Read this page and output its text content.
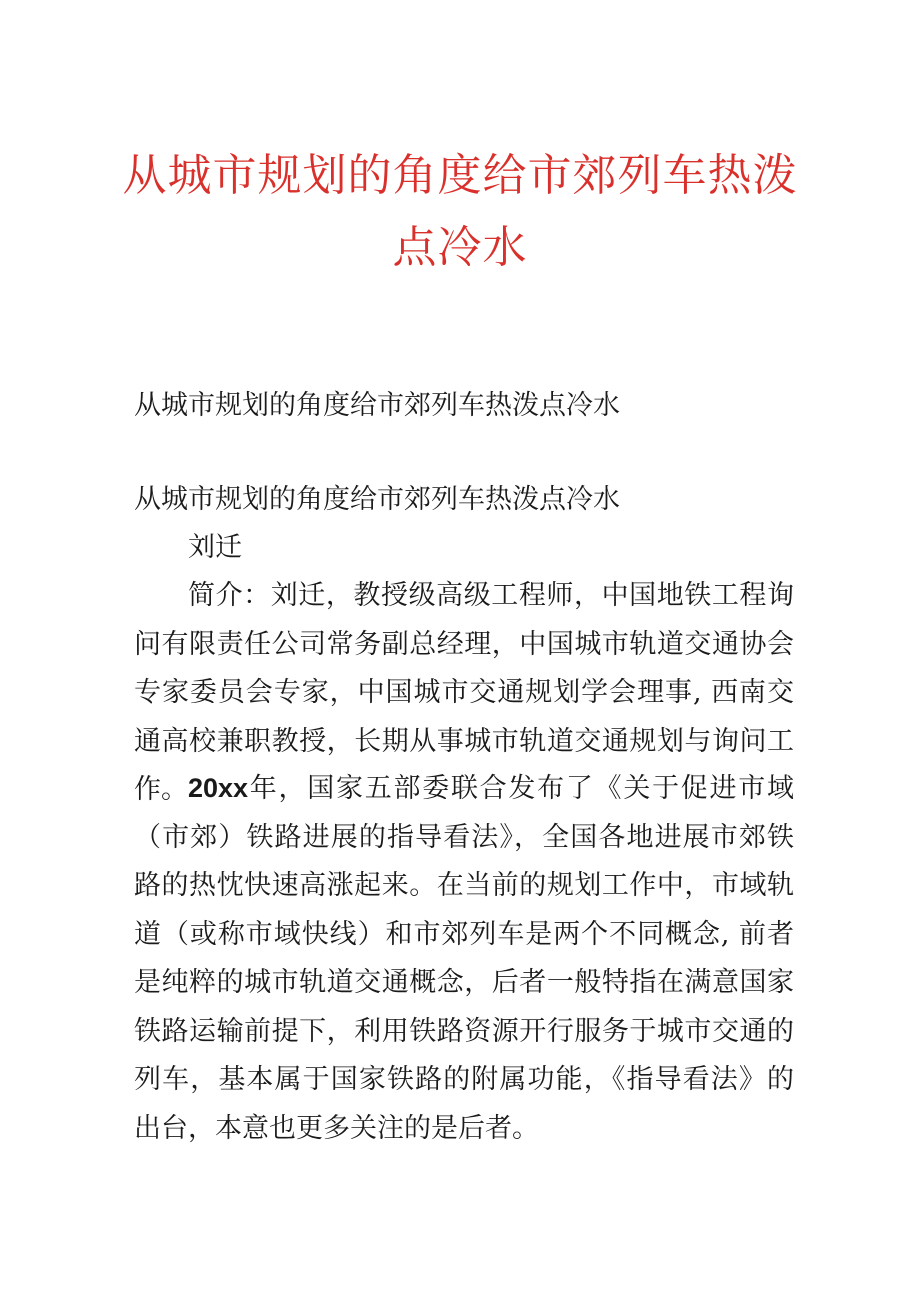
从城市规划的角度给市郊列车热泼点冷水

从城市规划的角度给市郊列车热泼点冷水

从城市规划的角度给市郊列车热泼点冷水

刘迁

简介：刘迁，教授级高级工程师，中国地铁工程询问有限责任公司常务副总经理，中国城市轨道交通协会专家委员会专家，中国城市交通规划学会理事, 西南交通高校兼职教授，长期从事城市轨道交通规划与询问工作。 20xx年，国家五部委联合发布了《关于促进市域（市郊）铁路进展的指导看法》，全国各地进展市郊铁路的热忱快速高涨起来。在当前的规划工作中，市域轨道（或称市域快线）和市郊列车是两个不同概念, 前者是纯粹的城市轨道交通概念，后者一般特指在满意国家铁路运输前提下，利用铁路资源开行服务于城市交通的列车，基本属于国家铁路的附属功能，《指导看法》的出台，本意也更多关注的是后者。
